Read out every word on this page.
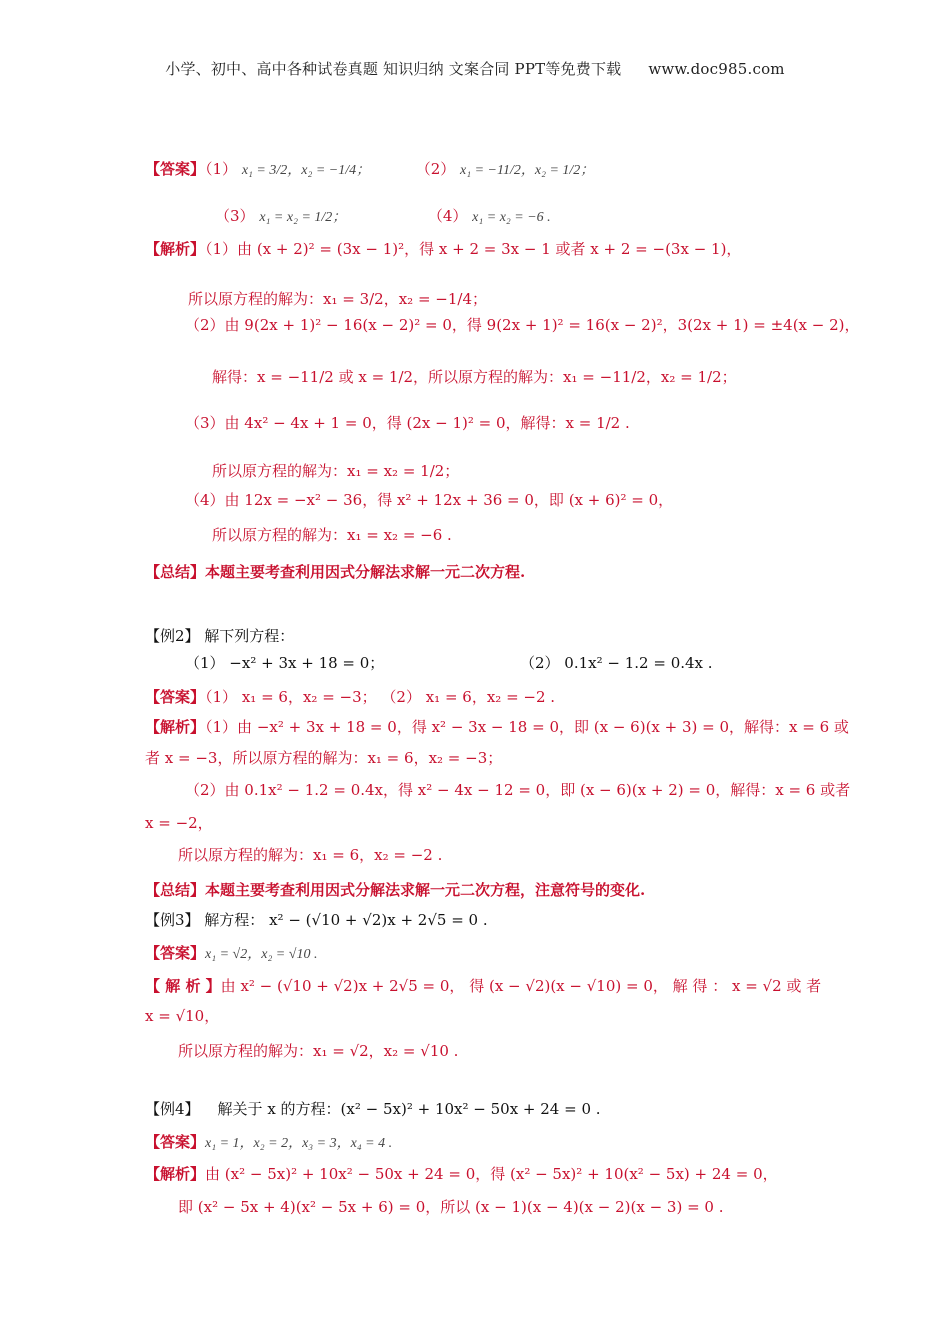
小学、初中、高中各种试卷真题 知识归纳 文案合同 PPT等免费下载 www.doc985.com
【答案】（1） x₁ = 3/2，x₂ = −1/4；	（2） x₁ = −11/2，x₂ = 1/2；
（3） x₁ = x₂ = 1/2；	（4） x₁ = x₂ = −6 .
【解析】（1）由 (x + 2)² = (3x − 1)²，得 x + 2 = 3x − 1 或者 x + 2 = −(3x − 1)，
所以原方程的解为：x₁ = 3/2，x₂ = −1/4；
（2）由 9(2x + 1)² − 16(x − 2)² = 0，得 9(2x + 1)² = 16(x − 2)²，3(2x + 1) = ±4(x − 2)，
解得：x = −11/2 或 x = 1/2，所以原方程的解为：x₁ = −11/2，x₂ = 1/2；
（3）由 4x² − 4x + 1 = 0，得 (2x − 1)² = 0，解得：x = 1/2 .
所以原方程的解为：x₁ = x₂ = 1/2；
（4）由 12x = −x² − 36，得 x² + 12x + 36 = 0，即 (x + 6)² = 0，
所以原方程的解为：x₁ = x₂ = −6 .
【总结】本题主要考查利用因式分解法求解一元二次方程.
【例2】 解下列方程：
（1） −x² + 3x + 18 = 0；	（2） 0.1x² − 1.2 = 0.4x .
【答案】（1） x₁ = 6，x₂ = −3； （2） x₁ = 6，x₂ = −2 .
【解析】（1）由 −x² + 3x + 18 = 0，得 x² − 3x − 18 = 0，即 (x − 6)(x + 3) = 0，解得：x = 6 或
者 x = −3，所以原方程的解为：x₁ = 6，x₂ = −3；
（2）由 0.1x² − 1.2 = 0.4x，得 x² − 4x − 12 = 0，即 (x − 6)(x + 2) = 0，解得：x = 6 或者
x = −2，
所以原方程的解为：x₁ = 6，x₂ = −2 .
【总结】本题主要考查利用因式分解法求解一元二次方程，注意符号的变化.
【例3】 解方程： x² − (√10 + √2)x + 2√5 = 0 .
【答案】x₁ = √2，x₂ = √10 .
【 解 析 】由 x² − (√10 + √2)x + 2√5 = 0， 得 (x − √2)(x − √10) = 0， 解 得 ： x = √2 或 者
x = √10，
所以原方程的解为：x₁ = √2，x₂ = √10 .
【例4】 解关于 x 的方程：(x² − 5x)² + 10x² − 50x + 24 = 0 .
【答案】x₁ = 1，x₂ = 2，x₃ = 3，x₄ = 4 .
【解析】由 (x² − 5x)² + 10x² − 50x + 24 = 0，得 (x² − 5x)² + 10(x² − 5x) + 24 = 0，
即 (x² − 5x + 4)(x² − 5x + 6) = 0，所以 (x − 1)(x − 4)(x − 2)(x − 3) = 0 .
